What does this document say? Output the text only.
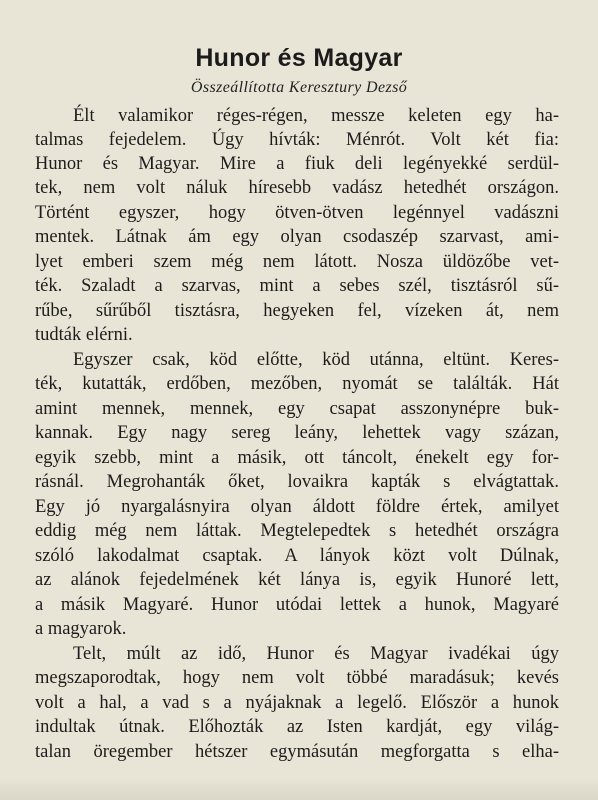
Hunor és Magyar

Összeállította Keresztury Dezső

Élt valamikor réges-régen, messze keleten egy ha-

talmas fejedelem. Úgy hívták: Ménrót. Volt két fia:

Hunor és Magyar. Mire a fiuk deli legényekké serdül-

tek, nem volt náluk híresebb vadász hetedhét országon.

Történt egyszer, hogy ötven-ötven legénnyel vadászni

mentek. Látnak ám egy olyan csodaszép szarvast, ami-

lyet emberi szem még nem látott. Nosza üldözőbe vet-

ték. Szaladt a szarvas, mint a sebes szél, tisztásról sű-

rűbe, sűrűből tisztásra, hegyeken fel, vízeken át, nem

tudták elérni.

Egyszer csak, köd előtte, köd utánna, eltünt. Keres-

ték, kutatták, erdőben, mezőben, nyomát se találták. Hát

amint mennek, mennek, egy csapat asszonynépre buk-

kannak. Egy nagy sereg leány, lehettek vagy százan,

egyik szebb, mint a másik, ott táncolt, énekelt egy for-

rásnál. Megrohanták őket, lovaikra kapták s elvágtattak.

Egy jó nyargalásnyira olyan áldott földre értek, amilyet

eddig még nem láttak. Megtelepedtek s hetedhét országra

szóló lakodalmat csaptak. A lányok közt volt Dúlnak,

az alánok fejedelmének két lánya is, egyik Hunoré lett,

a másik Magyaré. Hunor utódai lettek a hunok, Magyaré

a magyarok.

Telt, múlt az idő, Hunor és Magyar ivadékai úgy

megszaporodtak, hogy nem volt többé maradásuk; kevés

volt a hal, a vad s a nyájaknak a legelő. Először a hunok

indultak útnak. Előhozták az Isten kardját, egy világ-

talan öregember hétszer egymásután megforgatta s elha-
